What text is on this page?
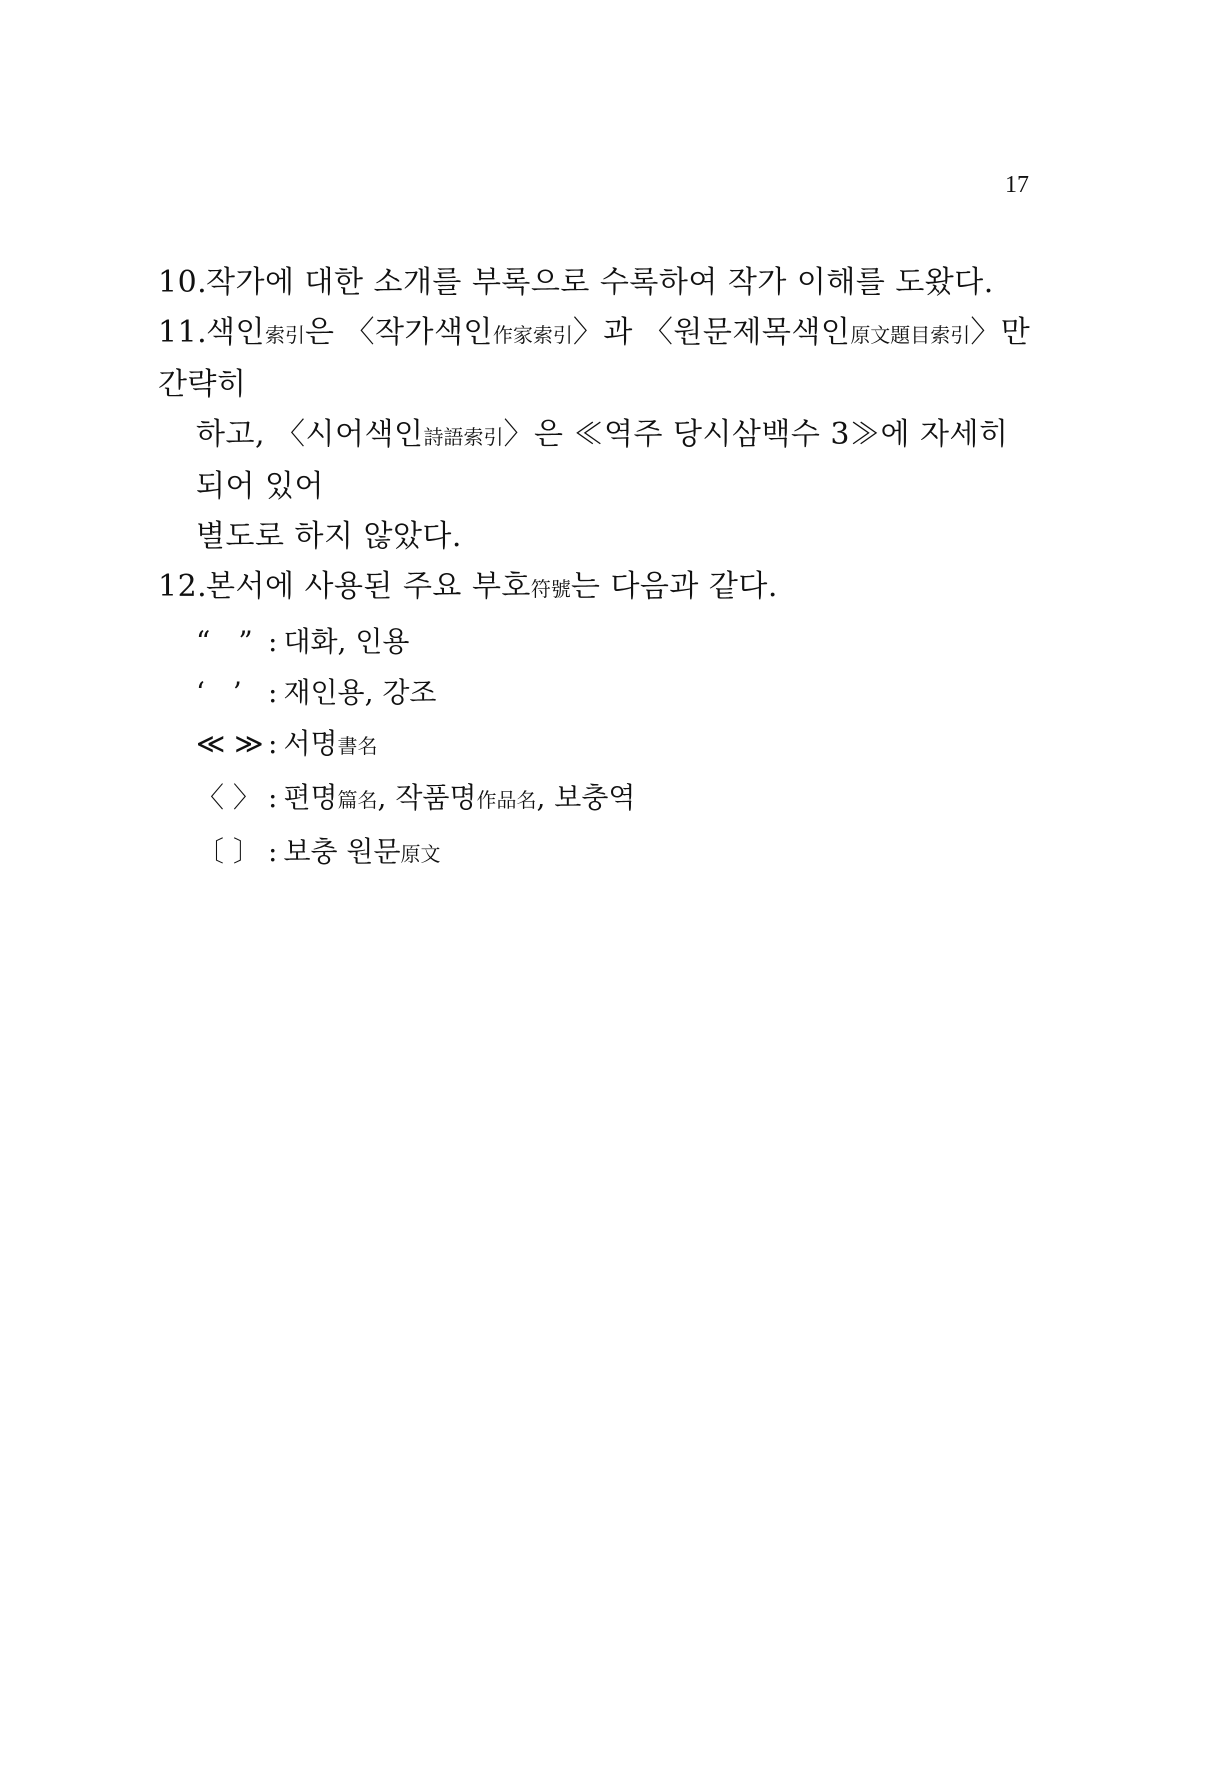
17
10.작가에 대한 소개를 부록으로 수록하여 작가 이해를 도왔다.
11.색인索引은 〈작가색인作家索引〉과 〈원문제목색인原文題目索引〉만 간략히
하고, 〈시어색인詩語索引〉은 ≪역주 당시삼백수 3≫에 자세히 되어 있어
별도로 하지 않았다.
12.본서에 사용된 주요 부호符號는 다음과 같다.
“　” : 대화, 인용
‘　’ : 재인용, 강조
≪ ≫ : 서명書名
〈 〉 : 편명篇名, 작품명作品名, 보충역
〔 〕 : 보충 원문原文
